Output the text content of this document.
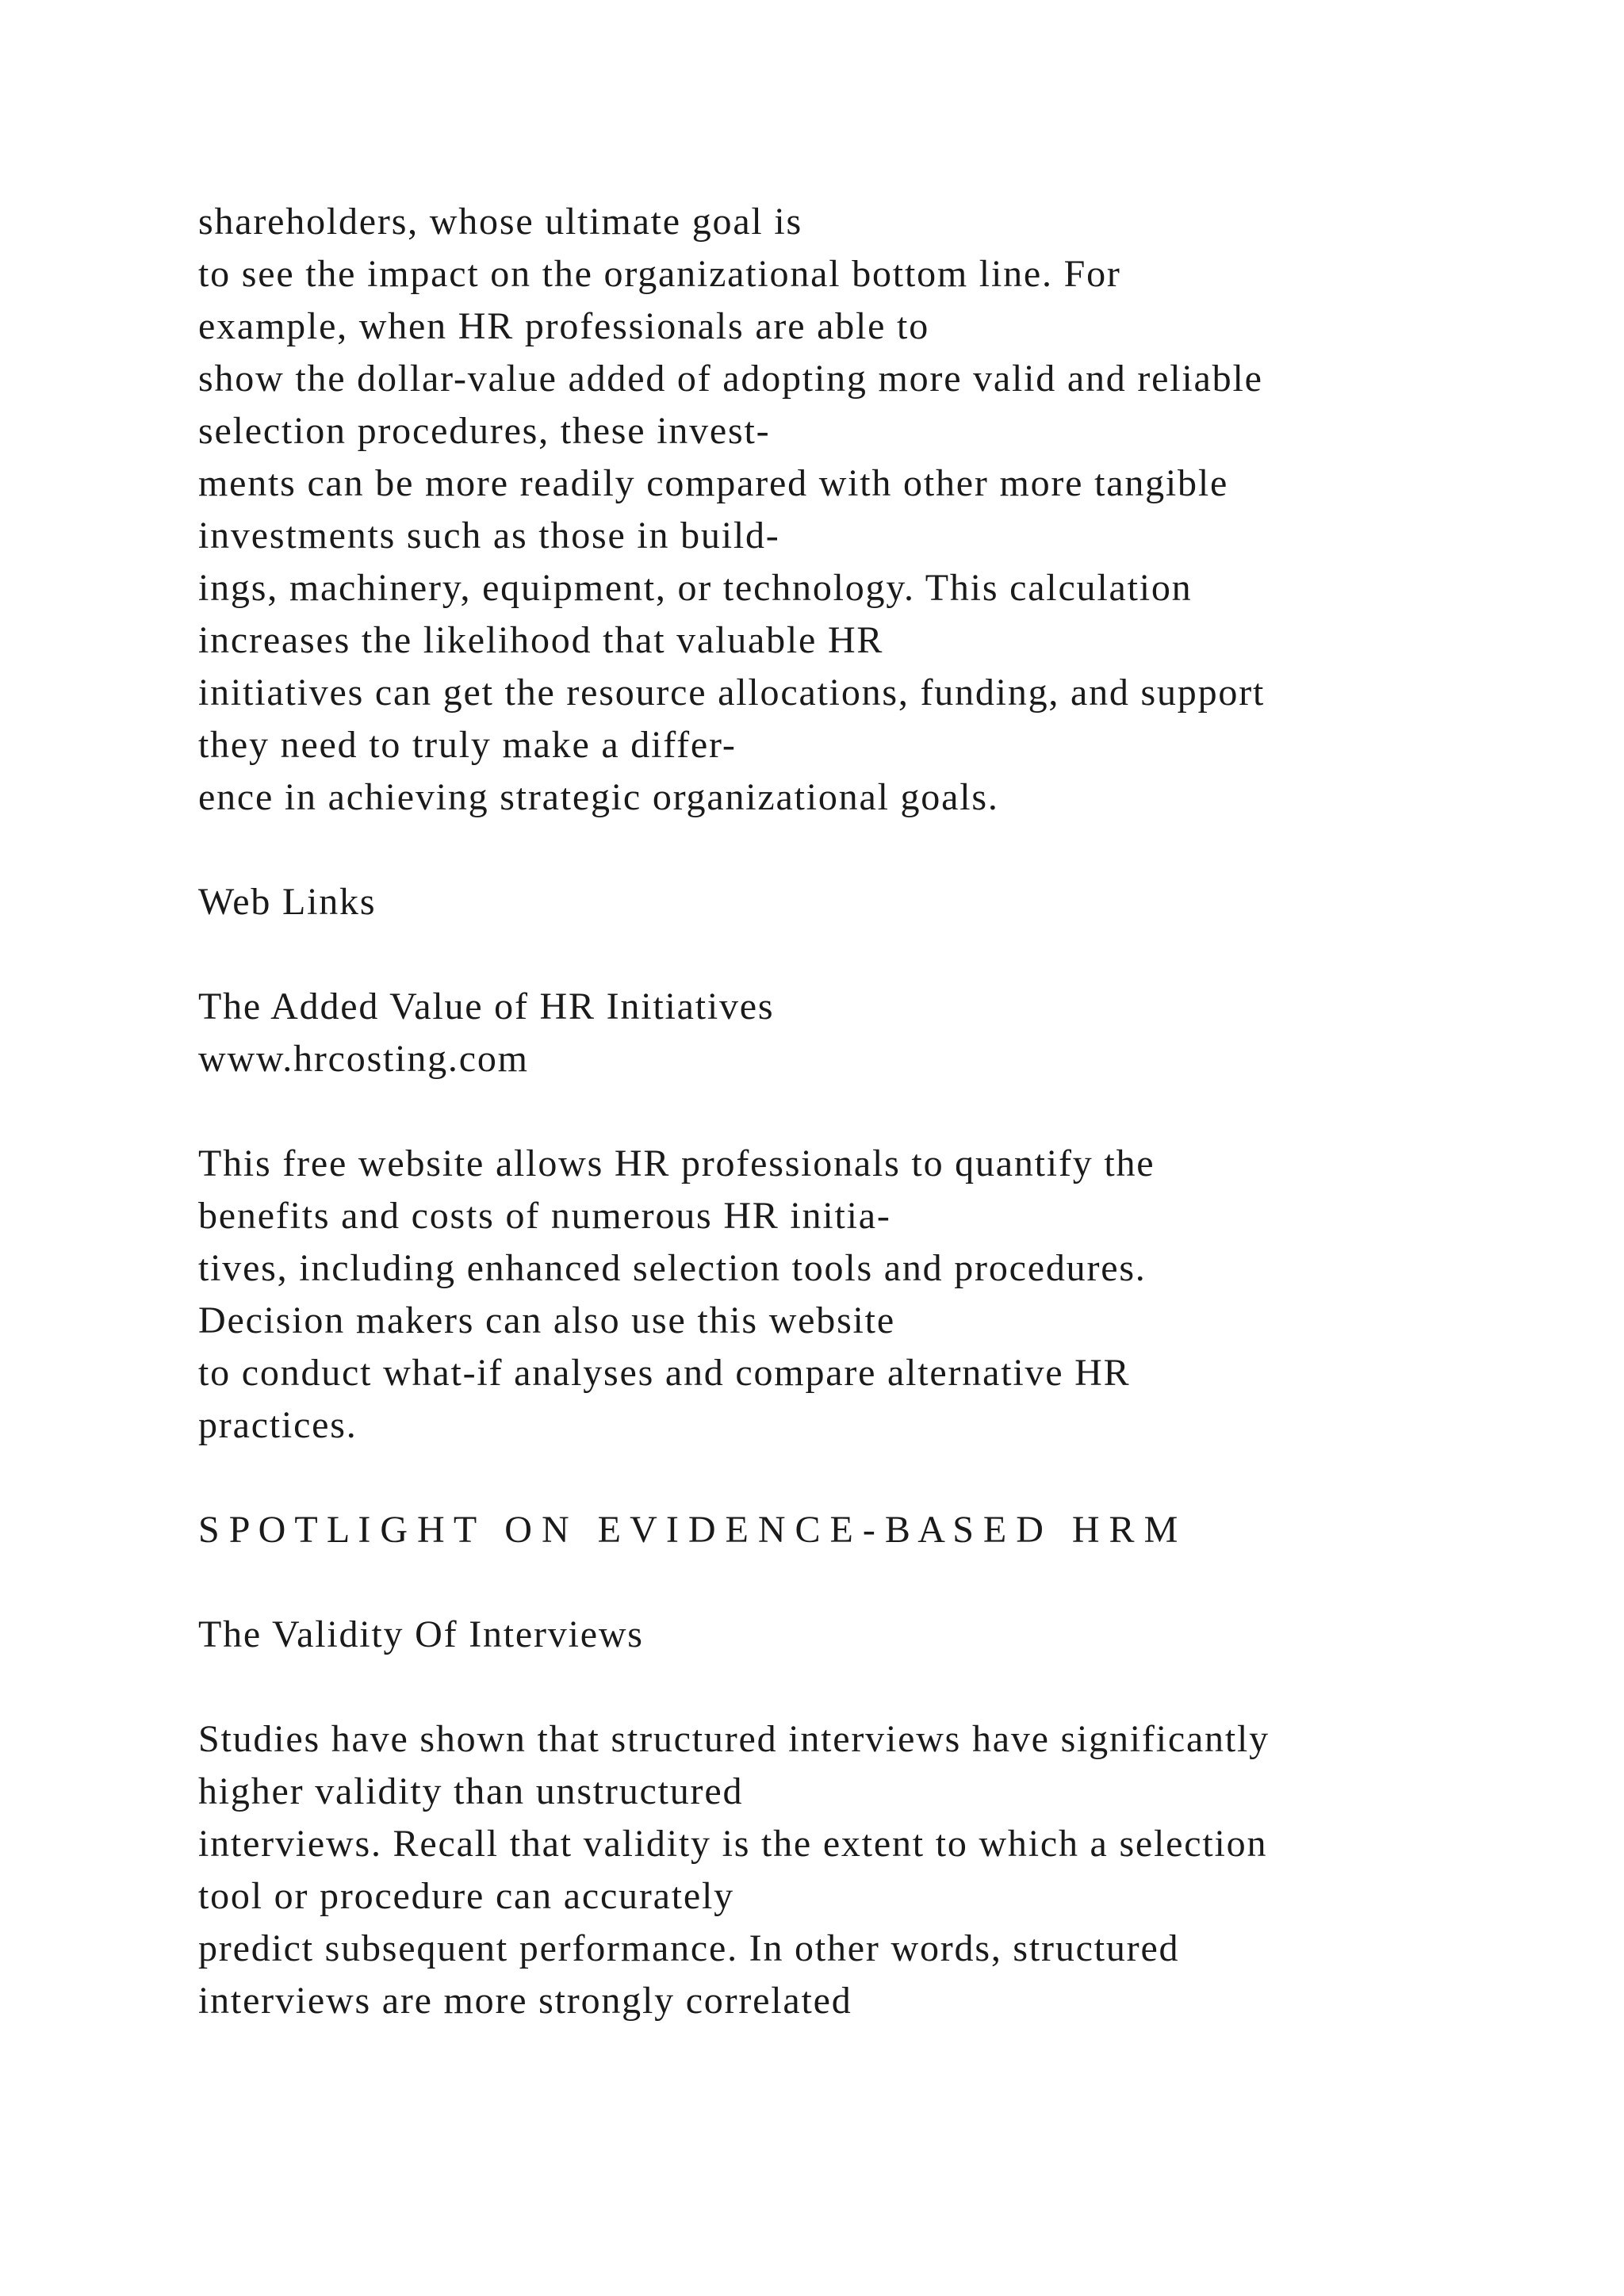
shareholders, whose ultimate goal is
to see the impact on the organizational bottom line. For
example, when HR professionals are able to
show the dollar-value added of adopting more valid and reliable
selection procedures, these invest-
ments can be more readily compared with other more tangible
investments such as those in build-
ings, machinery, equipment, or technology. This calculation
increases the likelihood that valuable HR
initiatives can get the resource allocations, funding, and support
they need to truly make a differ-
ence in achieving strategic organizational goals.
Web Links
The Added Value of HR Initiatives
www.hrcosting.com
This free website allows HR professionals to quantify the
benefits and costs of numerous HR initia-
tives, including enhanced selection tools and procedures.
Decision makers can also use this website
to conduct what-if analyses and compare alternative HR
practices.
S P O T L I G H T   O N   E V I D E N C E - B A S E D   H R M
The Validity Of Interviews
Studies have shown that structured interviews have significantly
higher validity than unstructured
interviews. Recall that validity is the extent to which a selection
tool or procedure can accurately
predict subsequent performance. In other words, structured
interviews are more strongly correlated
